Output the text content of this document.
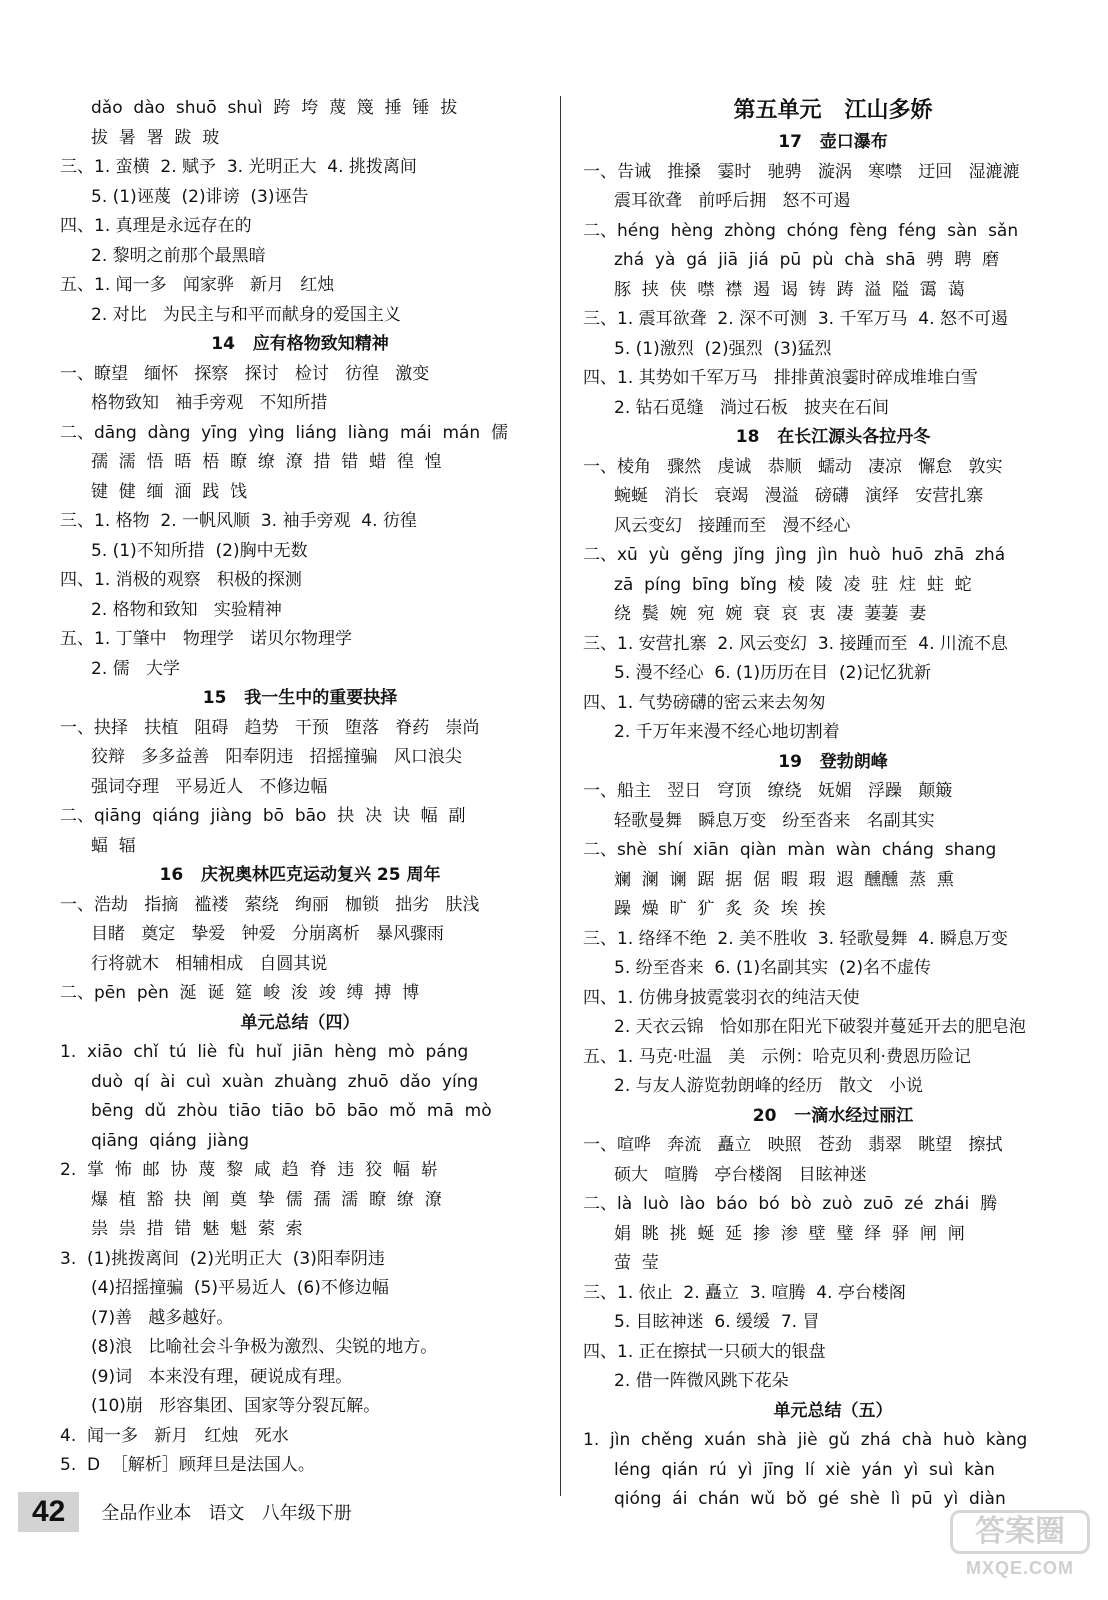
dǎo  dào  shuō  shuì  跨  垮  蔑  篾  捶  锤  拔
拔  暑  署  跋  玻
三、1. 蛮横  2. 赋予  3. 光明正大  4. 挑拨离间
5. (1)诬蔑  (2)诽谤  (3)诬告
四、1. 真理是永远存在的
2. 黎明之前那个最黑暗
五、1. 闻一多   闻家骅   新月   红烛
2. 对比   为民主与和平而献身的爱国主义
14   应有格物致知精神
一、瞭望   缅怀   探察   探讨   检讨   彷徨   激变
格物致知   袖手旁观   不知所措
二、dāng  dàng  yīng  yìng  liáng  liàng  mái  mán  儒
孺  濡  悟  晤  梧  瞭  缭  潦  措  错  蜡  徨  惶
键  健  缅  湎  践  饯
三、1. 格物  2. 一帆风顺  3. 袖手旁观  4. 彷徨
5. (1)不知所措  (2)胸中无数
四、1. 消极的观察   积极的探测
2. 格物和致知   实验精神
五、1. 丁肇中   物理学   诺贝尔物理学
2. 儒   大学
15   我一生中的重要抉择
一、抉择   扶植   阻碍   趋势   干预   堕落   脊药   崇尚
狡辩   多多益善   阳奉阴违   招摇撞骗   风口浪尖
强词夺理   平易近人   不修边幅
二、qiāng  qiáng  jiàng  bō  bāo  抉  决  诀  幅  副
蝠  辐
16   庆祝奥林匹克运动复兴 25 周年
一、浩劫   指摘   褴褛   萦绕   绚丽   枷锁   拙劣   肤浅
目睹   奠定   挚爱   钟爱   分崩离析   暴风骤雨
行将就木   相辅相成   自圆其说
二、pēn  pèn  涎  诞  筵  峻  浚  竣  缚  搏  博
单元总结（四）
1.  xiāo  chǐ  tú  liè  fù  huǐ  jiān  hèng  mò  páng
duò  qí  ài  cuì  xuàn  zhuàng  zhuō  dǎo  yíng
bēng  dǔ  zhòu  tiāo  tiāo  bō  bāo  mǒ  mā  mò
qiāng  qiáng  jiàng
2.  掌  怖  邮  协  蔑  黎  咸  趋  脊  违  狡  幅  崭
爆  植  豁  抉  阐  奠  挚  儒  孺  濡  瞭  缭  潦
祟  祟  措  错  魅  魁  萦  索
3.  (1)挑拨离间  (2)光明正大  (3)阳奉阴违
(4)招摇撞骗  (5)平易近人  (6)不修边幅
(7)善   越多越好。
(8)浪   比喻社会斗争极为激烈、尖锐的地方。
(9)词   本来没有理，硬说成有理。
(10)崩   形容集团、国家等分裂瓦解。
4.  闻一多   新月   红烛   死水
5.  D  ［解析］顾拜旦是法国人。
第五单元   江山多娇
17   壶口瀑布
一、告诫   推搡   霎时   驰骋   漩涡   寒噤   迂回   湿漉漉
震耳欲聋   前呼后拥   怒不可遏
二、héng  hèng  zhòng  chóng  fèng  féng  sàn  sǎn
zhá  yà  gá  jiā  jiá  pū  pù  chà  shā  骋  聘  磨
豚  挟  侠  噤  襟  遏  谒  铸  踌  溢  隘  霭  蔼
三、1. 震耳欲聋  2. 深不可测  3. 千军万马  4. 怒不可遏
5. (1)激烈  (2)强烈  (3)猛烈
四、1. 其势如千军万马   排排黄浪霎时碎成堆堆白雪
2. 钻石觅缝   淌过石板   披夹在石间
18   在长江源头各拉丹冬
一、棱角   骤然   虔诚   恭顺   蠕动   凄凉   懈怠   敦实
蜿蜒   消长   衰竭   漫溢   磅礴   演绎   安营扎寨
风云变幻   接踵而至   漫不经心
二、xū  yù  gěng  jǐng  jìng  jìn  huò  huō  zhā  zhá
zā  píng  bīng  bǐng  棱  陵  凌  驻  炷  蛀  蛇
绕  鬓  婉  宛  婉  衰  哀  衷  凄  萋萋  妻
三、1. 安营扎寨  2. 风云变幻  3. 接踵而至  4. 川流不息
5. 漫不经心  6. (1)历历在目  (2)记忆犹新
四、1. 气势磅礴的密云来去匆匆
2. 千万年来漫不经心地切割着
19   登勃朗峰
一、船主   翌日   穹顶   缭绕   妩媚   浮躁   颠簸
轻歌曼舞   瞬息万变   纷至沓来   名副其实
二、shè  shí  xiān  qiàn  màn  wàn  cháng  shang
斓  澜  谰  踞  据  倨  暇  瑕  遐  醺醺  蒸  熏
躁  燥  旷  犷  炙  灸  埃  挨
三、1. 络绎不绝  2. 美不胜收  3. 轻歌曼舞  4. 瞬息万变
5. 纷至沓来  6. (1)名副其实  (2)名不虚传
四、1. 仿佛身披霓裳羽衣的纯洁天使
2. 天衣云锦   恰如那在阳光下破裂并蔓延开去的肥皂泡
五、1. 马克·吐温   美   示例：哈克贝利·费恩历险记
2. 与友人游览勃朗峰的经历   散文   小说
20   一滴水经过丽江
一、喧哗   奔流   矗立   映照   苍劲   翡翠   眺望   擦拭
硕大   喧腾   亭台楼阁   目眩神迷
二、là  luò  lào  báo  bó  bò  zuò  zuō  zé  zhái  腾
娟  眺  挑  蜒  延  掺  渗  壁  璧  绎  驿  闸  闸
萤  莹
三、1. 依止  2. 矗立  3. 喧腾  4. 亭台楼阁
5. 目眩神迷  6. 缓缓  7. 冒
四、1. 正在擦拭一只硕大的银盘
2. 借一阵微风跳下花朵
单元总结（五）
1.  jìn  chěng  xuán  shà  jiè  gǔ  zhá  chà  huò  kàng
léng  qián  rú  yì  jīng  lí  xiè  yán  yì  suì  kàn
qióng  ái  chán  wǔ  bǒ  gé  shè  lì  pū  yì  diàn
42	全品作业本   语文   八年级下册
答案圈
MXQE.COM
